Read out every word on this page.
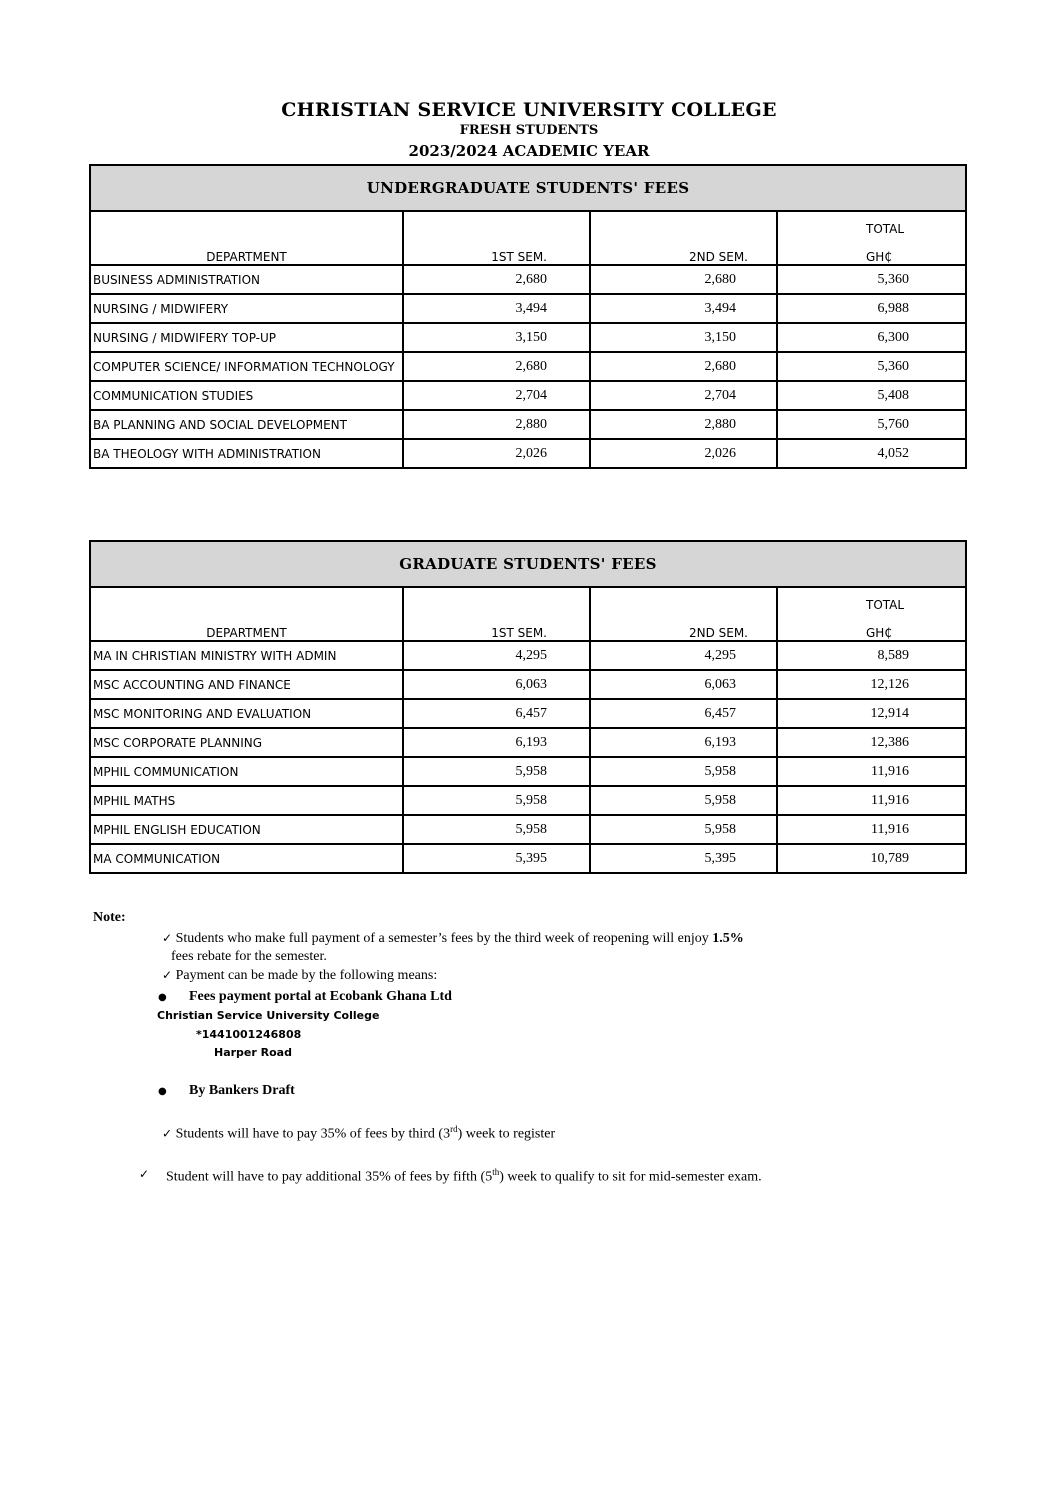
CHRISTIAN SERVICE UNIVERSITY COLLEGE
FRESH STUDENTS
2023/2024 ACADEMIC YEAR
UNDERGRADUATE STUDENTS' FEES			
DEPARTMENT	1ST SEM.	2ND SEM.	TOTAL
GH₵
BUSINESS ADMINISTRATION	2,680	2,680	5,360
NURSING / MIDWIFERY	3,494	3,494	6,988
NURSING / MIDWIFERY TOP-UP	3,150	3,150	6,300
COMPUTER SCIENCE/ INFORMATION TECHNOLOGY	2,680	2,680	5,360
COMMUNICATION STUDIES	2,704	2,704	5,408
BA PLANNING AND SOCIAL DEVELOPMENT	2,880	2,880	5,760
BA THEOLOGY WITH ADMINISTRATION	2,026	2,026	4,052
GRADUATE STUDENTS' FEES			
DEPARTMENT	1ST SEM.	2ND SEM.	TOTAL
GH₵
MA IN CHRISTIAN MINISTRY WITH ADMIN	4,295	4,295	8,589
MSC ACCOUNTING AND FINANCE	6,063	6,063	12,126
MSC MONITORING AND EVALUATION	6,457	6,457	12,914
MSC CORPORATE PLANNING	6,193	6,193	12,386
MPHIL COMMUNICATION	5,958	5,958	11,916
MPHIL MATHS	5,958	5,958	11,916
MPHIL ENGLISH EDUCATION	5,958	5,958	11,916
MA COMMUNICATION	5,395	5,395	10,789
Note:
✓ Students who make full payment of a semester’s fees by the third week of reopening will enjoy 1.5%
fees rebate for the semester.
✓ Payment can be made by the following means:
● Fees payment portal at Ecobank Ghana Ltd
Christian Service University College
*1441001246808
Harper Road
● By Bankers Draft
✓ Students will have to pay 35% of fees by third (3rd) week to register
✓ Student will have to pay additional 35% of fees by fifth (5th) week to qualify to sit for mid-semester exam.
